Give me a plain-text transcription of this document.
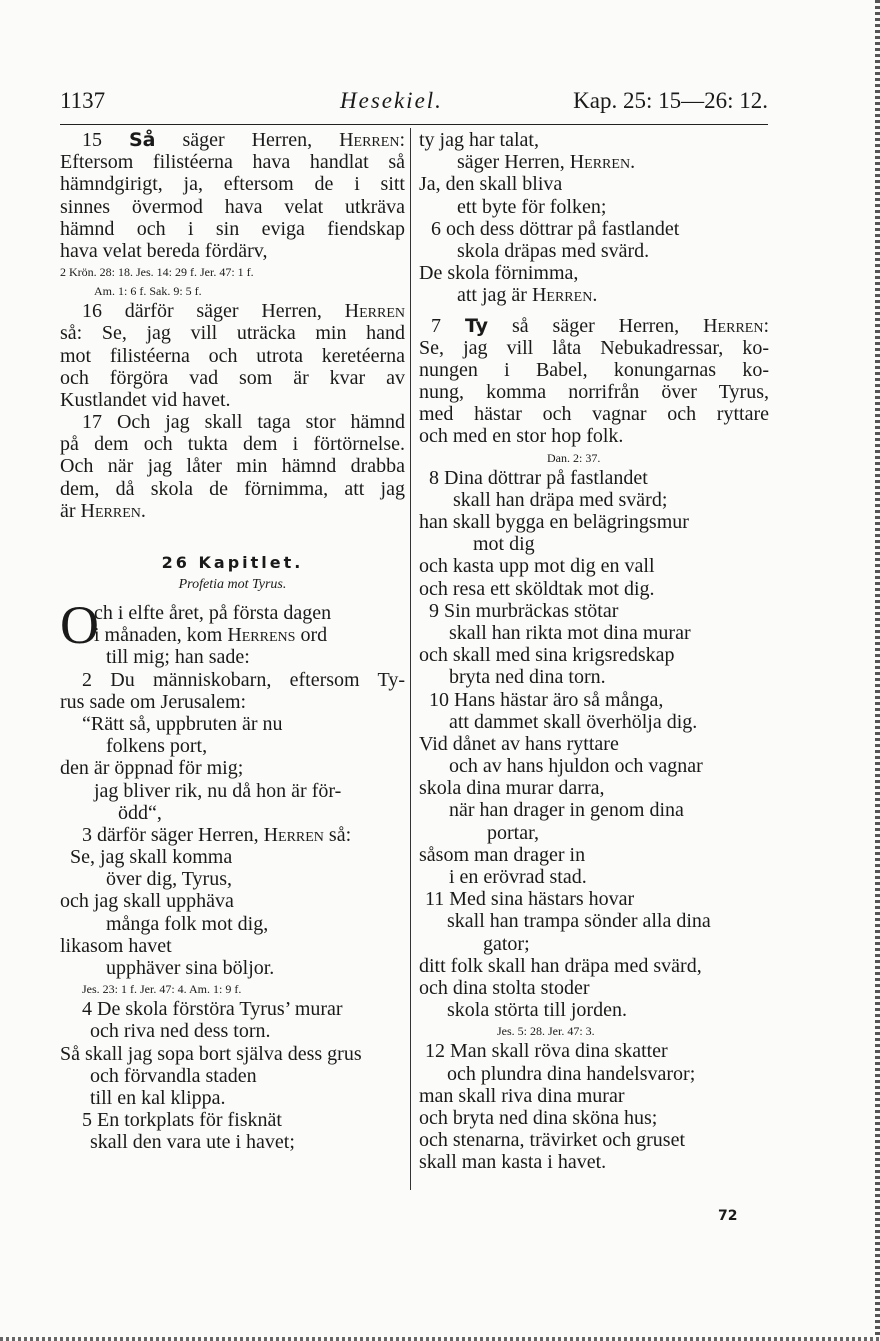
1137	Hesekiel.	Kap. 25: 15—26: 12.
15 Så säger Herren, Herren:
Eftersom filistéerna hava handlat så
hämndgirigt, ja, eftersom de i sitt
sinnes övermod hava velat utkräva
hämnd och i sin eviga fiendskap
hava velat bereda fördärv,
2 Krön. 28: 18. Jes. 14: 29 f. Jer. 47: 1 f.
Am. 1: 6 f. Sak. 9: 5 f.
16 därför säger Herren, Herren
så: Se, jag vill uträcka min hand
mot filistéerna och utrota keretéerna
och förgöra vad som är kvar av
Kustlandet vid havet.
17 Och jag skall taga stor hämnd
på dem och tukta dem i förtörnelse.
Och när jag låter min hämnd drabba
dem, då skola de förnimma, att jag
är Herren.
26 Kapitlet.
Profetia mot Tyrus.
O
ch i elfte året, på första dagen
i månaden, kom Herrens ord
till mig; han sade:
2 Du människobarn, eftersom Ty-
rus sade om Jerusalem:
“Rätt så, uppbruten är nu
folkens port,
den är öppnad för mig;
jag bliver rik, nu då hon är för-
ödd“,
3 därför säger Herren, Herren så:
Se, jag skall komma
över dig, Tyrus,
och jag skall upphäva
många folk mot dig,
likasom havet
upphäver sina böljor.
Jes. 23: 1 f. Jer. 47: 4. Am. 1: 9 f.
4 De skola förstöra Tyrus’ murar
och riva ned dess torn.
Så skall jag sopa bort själva dess grus
och förvandla staden
till en kal klippa.
5 En torkplats för fisknät
skall den vara ute i havet;
ty jag har talat,
säger Herren, Herren.
Ja, den skall bliva
ett byte för folken;
6 och dess döttrar på fastlandet
skola dräpas med svärd.
De skola förnimma,
att jag är Herren.
7 Ty så säger Herren, Herren:
Se, jag vill låta Nebukadressar, ko-
nungen i Babel, konungarnas ko-
nung, komma norrifrån över Tyrus,
med hästar och vagnar och ryttare
och med en stor hop folk.
Dan. 2: 37.
8 Dina döttrar på fastlandet
skall han dräpa med svärd;
han skall bygga en belägringsmur
mot dig
och kasta upp mot dig en vall
och resa ett sköldtak mot dig.
9 Sin murbräckas stötar
skall han rikta mot dina murar
och skall med sina krigsredskap
bryta ned dina torn.
10 Hans hästar äro så många,
att dammet skall överhölja dig.
Vid dånet av hans ryttare
och av hans hjuldon och vagnar
skola dina murar darra,
när han drager in genom dina
portar,
såsom man drager in
i en erövrad stad.
11 Med sina hästars hovar
skall han trampa sönder alla dina
gator;
ditt folk skall han dräpa med svärd,
och dina stolta stoder
skola störta till jorden.
Jes. 5: 28. Jer. 47: 3.
12 Man skall röva dina skatter
och plundra dina handelsvaror;
man skall riva dina murar
och bryta ned dina sköna hus;
och stenarna, trävirket och gruset
skall man kasta i havet.
72
